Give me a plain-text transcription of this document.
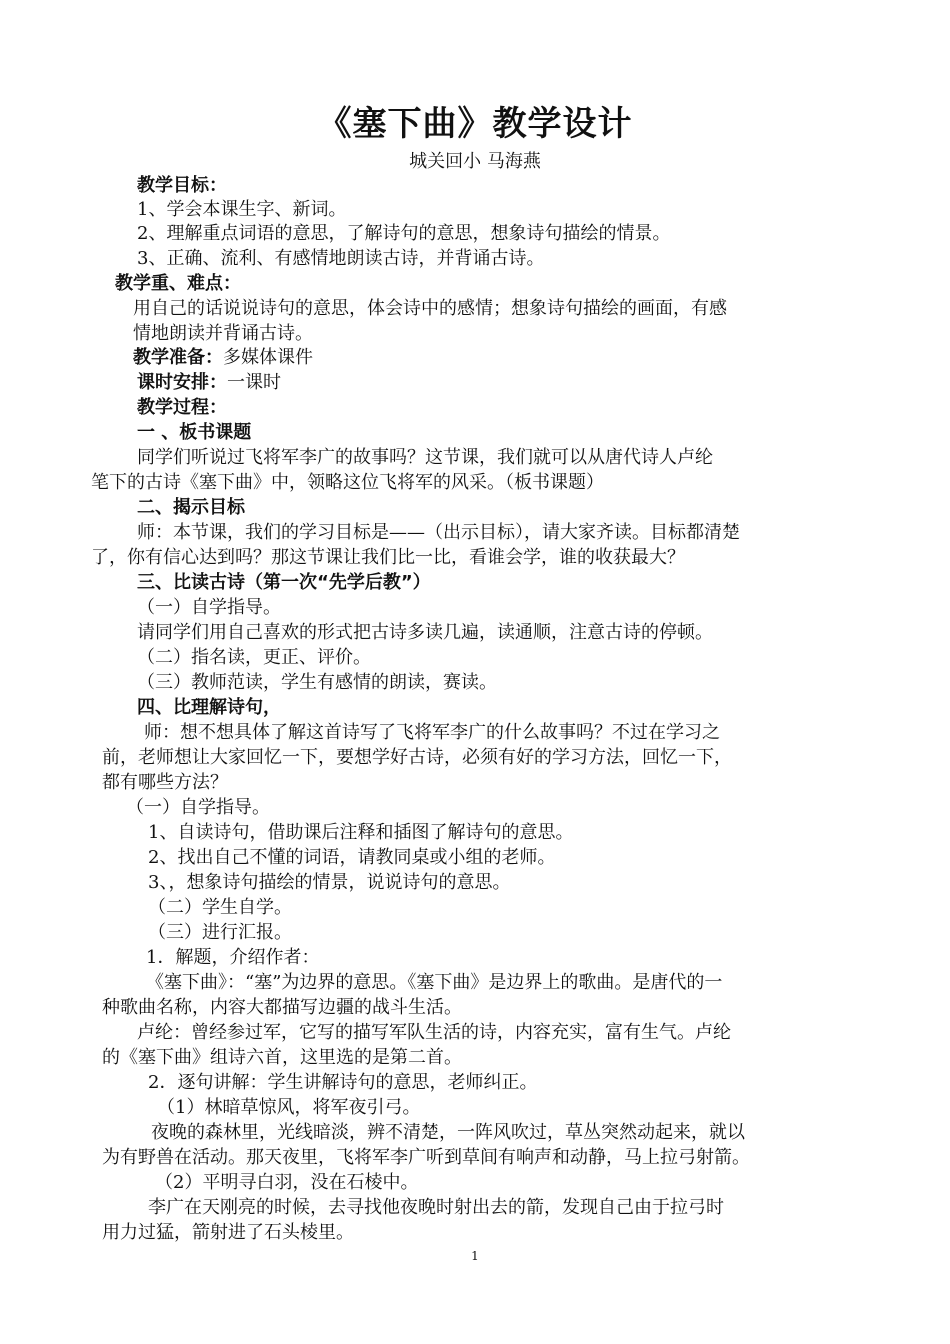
《塞下曲》教学设计
城关回小 马海燕
教学目标：
1、学会本课生字、新词。
2、理解重点词语的意思，了解诗句的意思，想象诗句描绘的情景。
3、正确、流利、有感情地朗读古诗，并背诵古诗。
教学重、难点：
用自己的话说说诗句的意思，体会诗中的感情；想象诗句描绘的画面，有感
情地朗读并背诵古诗。
教学准备：多媒体课件
课时安排：一课时
教学过程：
一 、板书课题
同学们听说过飞将军李广的故事吗？这节课，我们就可以从唐代诗人卢纶
笔下的古诗《塞下曲》中，领略这位飞将军的风采。（板书课题）
二、揭示目标
师：本节课，我们的学习目标是——（出示目标），请大家齐读。目标都清楚
了，你有信心达到吗？那这节课让我们比一比，看谁会学，谁的收获最大？
三、比读古诗（第一次“先学后教”）
（一）自学指导。
请同学们用自己喜欢的形式把古诗多读几遍，读通顺，注意古诗的停顿。
（二）指名读，更正、评价。
（三）教师范读，学生有感情的朗读，赛读。
四、比理解诗句，
师：想不想具体了解这首诗写了飞将军李广的什么故事吗？不过在学习之
前，老师想让大家回忆一下，要想学好古诗，必须有好的学习方法，回忆一下，
都有哪些方法？
（一）自学指导。
1、自读诗句，借助课后注释和插图了解诗句的意思。
2、找出自己不懂的词语，请教同桌或小组的老师。
3、，想象诗句描绘的情景，说说诗句的意思。
（二）学生自学。
（三）进行汇报。
1．解题，介绍作者：
《塞下曲》：“塞”为边界的意思。《塞下曲》是边界上的歌曲。是唐代的一
种歌曲名称，内容大都描写边疆的战斗生活。
卢纶：曾经参过军，它写的描写军队生活的诗，内容充实，富有生气。卢纶
的《塞下曲》组诗六首，这里选的是第二首。
2．逐句讲解：学生讲解诗句的意思，老师纠正。
（1）林暗草惊风，将军夜引弓。
夜晚的森林里，光线暗淡，辨不清楚，一阵风吹过，草丛突然动起来，就以
为有野兽在活动。那天夜里，飞将军李广听到草间有响声和动静，马上拉弓射箭。
（2）平明寻白羽，没在石棱中。
李广在天刚亮的时候，去寻找他夜晚时射出去的箭，发现自己由于拉弓时
用力过猛，箭射进了石头棱里。
1
